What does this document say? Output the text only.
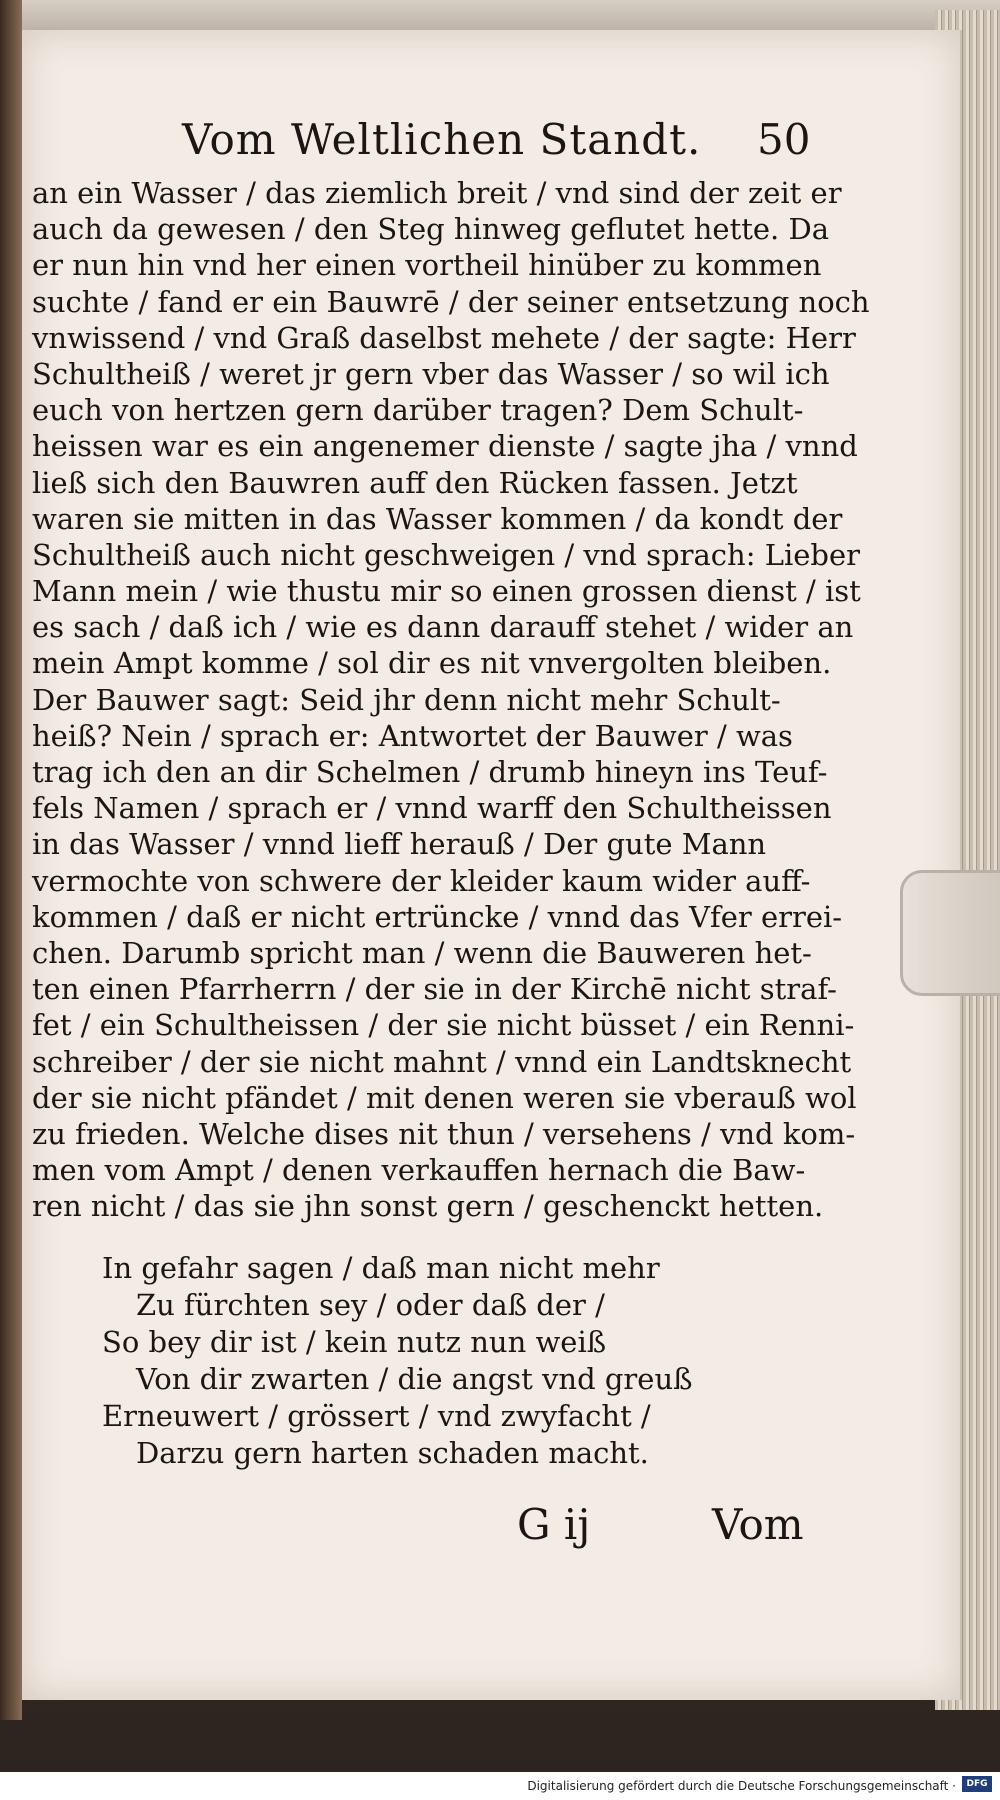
Vom Weltlichen Standt.	50
an ein Wasser / das ziemlich breit / vnd sind der zeit er
auch da gewesen / den Steg hinweg geflutet hette. Da
er nun hin vnd her einen vortheil hinüber zu kommen
suchte / fand er ein Bauwrē / der seiner entsetzung noch
vnwissend / vnd Graß daselbst mehete / der sagte: Herr
Schultheiß / weret jr gern vber das Wasser / so wil ich
euch von hertzen gern darüber tragen? Dem Schult-
heissen war es ein angenemer dienste / sagte jha / vnnd
ließ sich den Bauwren auff den Rücken fassen. Jetzt
waren sie mitten in das Wasser kommen / da kondt der
Schultheiß auch nicht geschweigen / vnd sprach: Lieber
Mann mein / wie thustu mir so einen grossen dienst / ist
es sach / daß ich / wie es dann darauff stehet / wider an
mein Ampt komme / sol dir es nit vnvergolten bleiben.
Der Bauwer sagt: Seid jhr denn nicht mehr Schult-
heiß? Nein / sprach er: Antwortet der Bauwer / was
trag ich den an dir Schelmen / drumb hineyn ins Teuf-
fels Namen / sprach er / vnnd warff den Schultheissen
in das Wasser / vnnd lieff herauß / Der gute Mann
vermochte von schwere der kleider kaum wider auff-
kommen / daß er nicht ertrüncke / vnnd das Vfer errei-
chen. Darumb spricht man / wenn die Bauweren het-
ten einen Pfarrherrn / der sie in der Kirchē nicht straf-
fet / ein Schultheissen / der sie nicht büsset / ein Renni-
schreiber / der sie nicht mahnt / vnnd ein Landtsknecht
der sie nicht pfändet / mit denen weren sie vberauß wol
zu frieden. Welche dises nit thun / versehens / vnd kom-
men vom Ampt / denen verkauffen hernach die Baw-
ren nicht / das sie jhn sonst gern / geschenckt hetten.
In gefahr sagen / daß man nicht mehr
Zu fürchten sey / oder daß der /
So bey dir ist / kein nutz nun weiß
Von dir zwarten / die angst vnd greuß
Erneuwert / grössert / vnd zwyfacht /
Darzu gern harten schaden macht.
G ij	Vom
Digitalisierung gefördert durch die Deutsche Forschungsgemeinschaft ·	DFG
